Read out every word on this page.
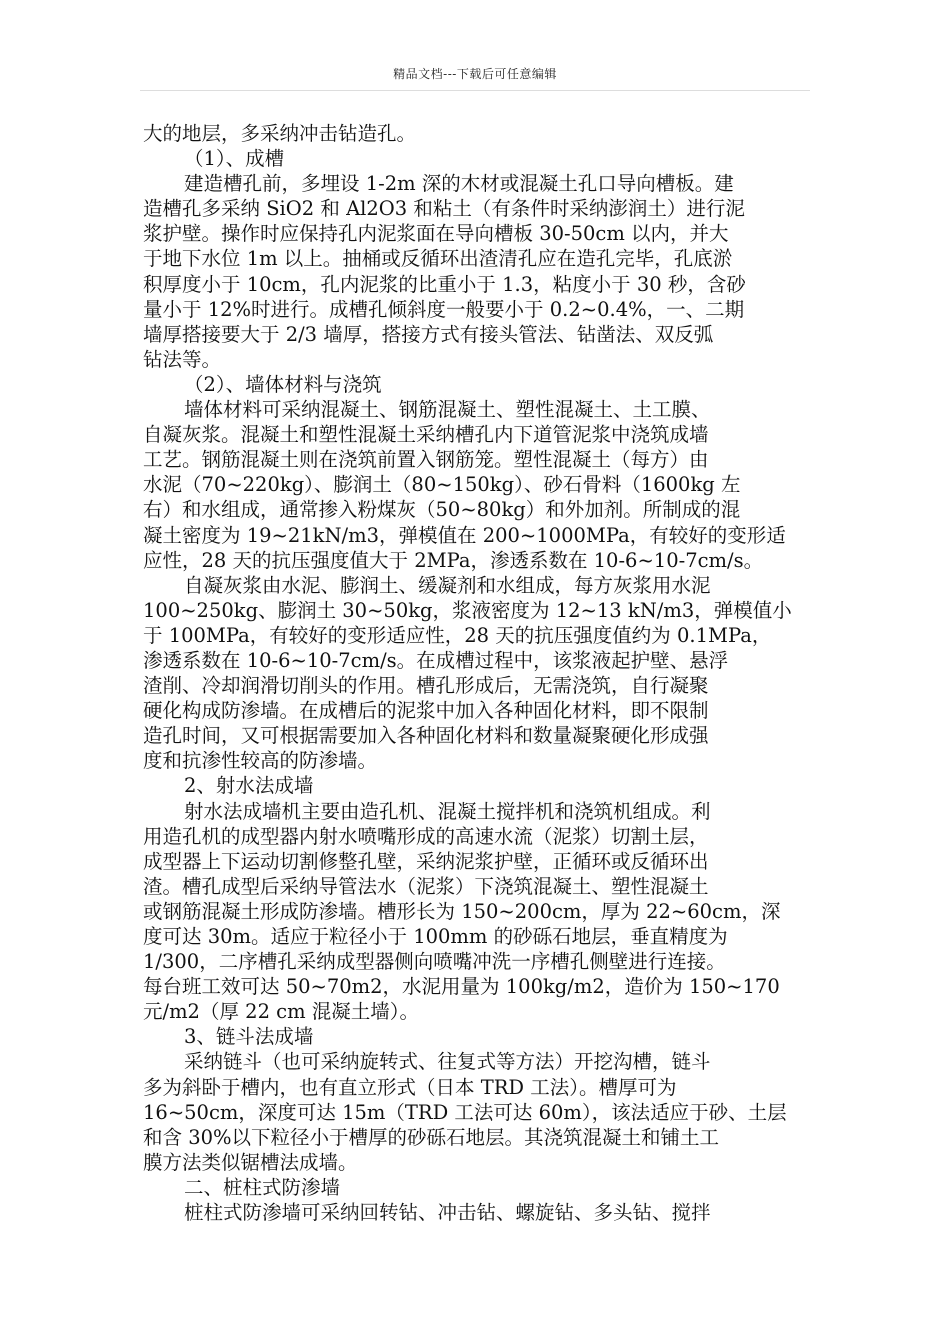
精品文档---下载后可任意编辑
大的地层，多采纳冲击钻造孔。
（1）、成槽
建造槽孔前，多埋设 1-2m 深的木材或混凝土孔口导向槽板。建
造槽孔多采纳 SiO2 和 Al2O3 和粘土（有条件时采纳澎润土）进行泥
浆护壁。操作时应保持孔内泥浆面在导向槽板 30-50cm 以内，并大
于地下水位 1m 以上。抽桶或反循环出渣清孔应在造孔完毕，孔底淤
积厚度小于 10cm，孔内泥浆的比重小于 1.3，粘度小于 30 秒，含砂
量小于 12%时进行。成槽孔倾斜度一般要小于 0.2~0.4%，一、二期
墙厚搭接要大于 2/3 墙厚，搭接方式有接头管法、钻凿法、双反弧
钻法等。
（2）、墙体材料与浇筑
墙体材料可采纳混凝土、钢筋混凝土、塑性混凝土、土工膜、
自凝灰浆。混凝土和塑性混凝土采纳槽孔内下道管泥浆中浇筑成墙
工艺。钢筋混凝土则在浇筑前置入钢筋笼。塑性混凝土（每方）由
水泥（70~220kg）、膨润土（80~150kg）、砂石骨料（1600kg 左
右）和水组成，通常掺入粉煤灰（50~80kg）和外加剂。所制成的混
凝土密度为 19~21kN/m3，弹模值在 200~1000MPa，有较好的变形适
应性，28 天的抗压强度值大于 2MPa，渗透系数在 10-6~10-7cm/s。
自凝灰浆由水泥、膨润土、缓凝剂和水组成，每方灰浆用水泥
100~250kg、膨润土 30~50kg，浆液密度为 12~13 kN/m3，弹模值小
于 100MPa，有较好的变形适应性，28 天的抗压强度值约为 0.1MPa，
渗透系数在 10-6~10-7cm/s。在成槽过程中，该浆液起护壁、悬浮
渣削、冷却润滑切削头的作用。槽孔形成后，无需浇筑，自行凝聚
硬化构成防渗墙。在成槽后的泥浆中加入各种固化材料，即不限制
造孔时间，又可根据需要加入各种固化材料和数量凝聚硬化形成强
度和抗渗性较高的防渗墙。
2、射水法成墙
射水法成墙机主要由造孔机、混凝土搅拌机和浇筑机组成。利
用造孔机的成型器内射水喷嘴形成的高速水流（泥浆）切割土层，
成型器上下运动切割修整孔壁，采纳泥浆护壁，正循环或反循环出
渣。槽孔成型后采纳导管法水（泥浆）下浇筑混凝土、塑性混凝土
或钢筋混凝土形成防渗墙。槽形长为 150~200cm，厚为 22~60cm，深
度可达 30m。适应于粒径小于 100mm 的砂砾石地层，垂直精度为
1/300，二序槽孔采纳成型器侧向喷嘴冲洗一序槽孔侧壁进行连接。
每台班工效可达 50~70m2，水泥用量为 100kg/m2，造价为 150~170
元/m2（厚 22 cm 混凝土墙）。
3、链斗法成墙
采纳链斗（也可采纳旋转式、往复式等方法）开挖沟槽，链斗
多为斜卧于槽内，也有直立形式（日本 TRD 工法）。槽厚可为
16~50cm，深度可达 15m（TRD 工法可达 60m），该法适应于砂、土层
和含 30%以下粒径小于槽厚的砂砾石地层。其浇筑混凝土和铺土工
膜方法类似锯槽法成墙。
二、桩柱式防渗墙
桩柱式防渗墙可采纳回转钻、冲击钻、螺旋钻、多头钻、搅拌
